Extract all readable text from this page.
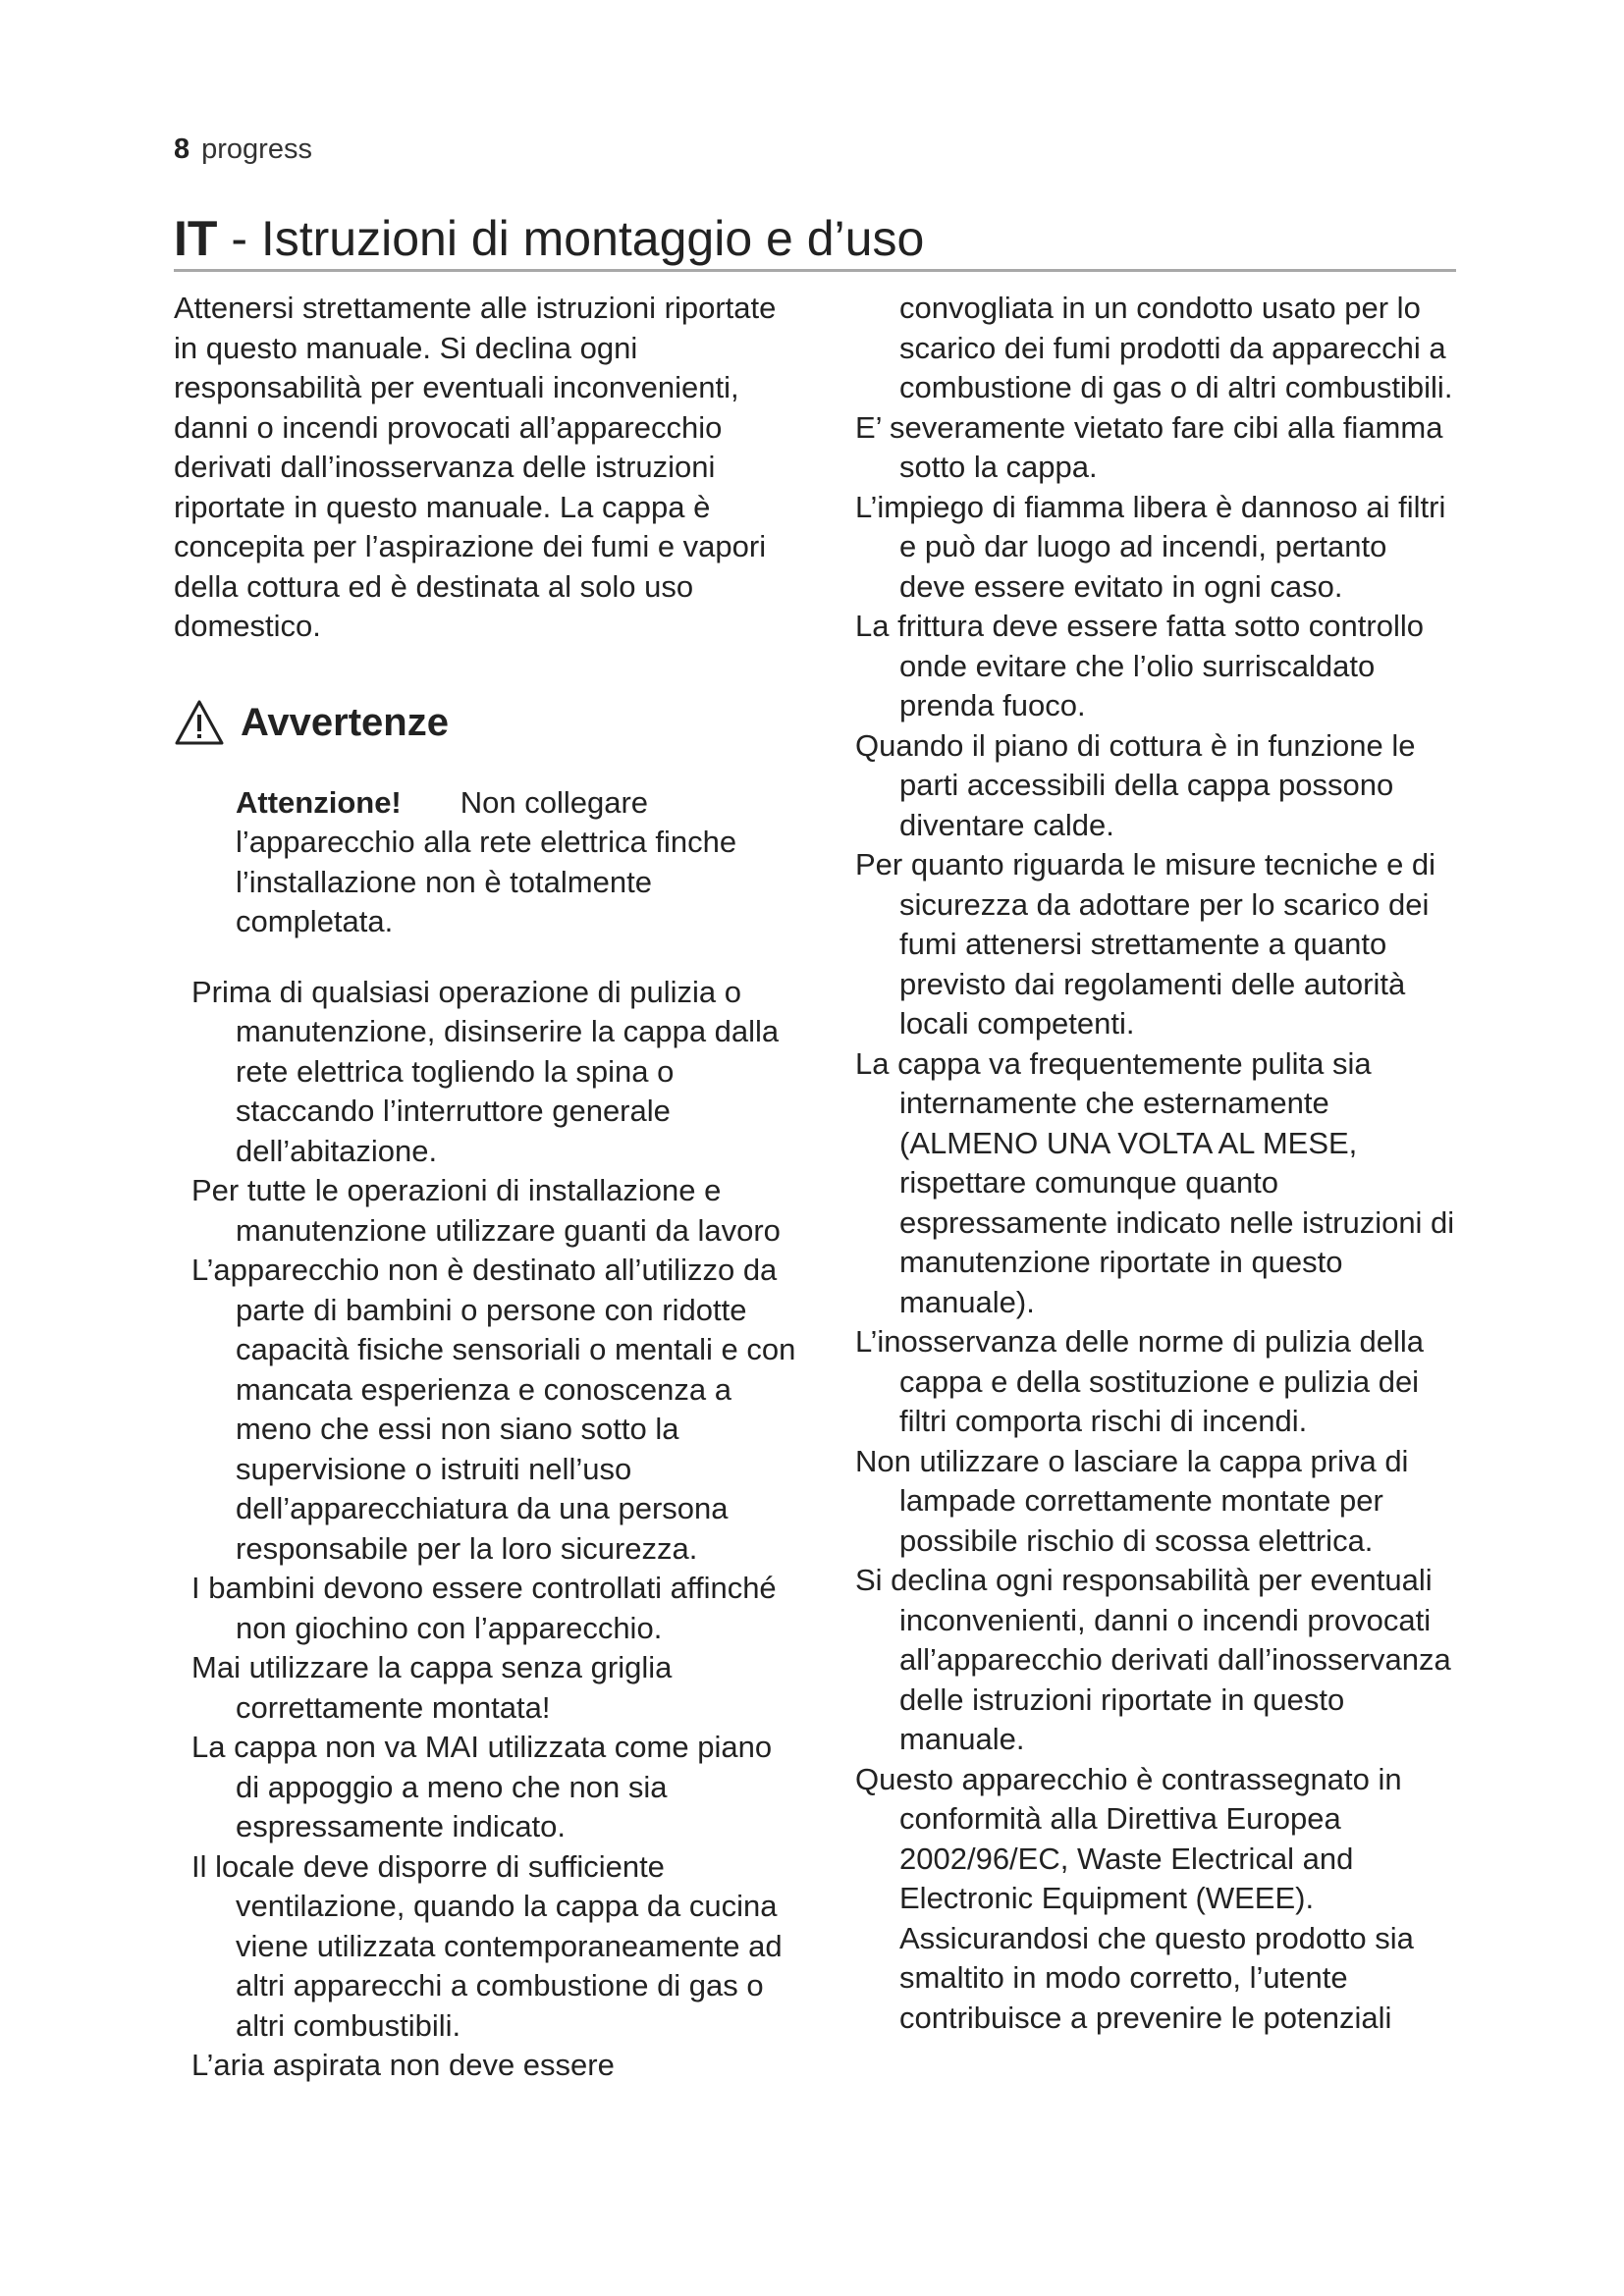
8 progress
IT - Istruzioni di montaggio e d’uso

Attenersi strettamente alle istruzioni riportate in questo manuale. Si declina ogni responsabilità per eventuali inconvenienti, danni o incendi provocati all’apparecchio derivati dall’inosservanza delle istruzioni riportate in questo manuale. La cappa è concepita per l’aspirazione dei fumi e vapori della cottura ed è destinata al solo uso domestico.

Avvertenze

Attenzione! Non collegare l’apparecchio alla rete elettrica finche l’installazione non è totalmente completata.

Prima di qualsiasi operazione di pulizia o manutenzione, disinserire la cappa dalla rete elettrica togliendo la spina o staccando l’interruttore generale dell’abitazione.

Per tutte le operazioni di installazione e manutenzione utilizzare guanti da lavoro

L’apparecchio non è destinato all’utilizzo da parte di bambini o persone con ridotte capacità fisiche sensoriali o mentali e con mancata esperienza e conoscenza a meno che essi non siano sotto la supervisione o istruiti nell’uso dell’apparecchiatura da una persona responsabile per la loro sicurezza.

I bambini devono essere controllati affinché non giochino con l’apparecchio.

Mai utilizzare la cappa senza griglia correttamente montata!

La cappa non va MAI utilizzata come piano di appoggio a meno che non sia espressamente indicato.

Il locale deve disporre di sufficiente ventilazione, quando la cappa da cucina viene utilizzata contemporaneamente ad altri apparecchi a combustione di gas o altri combustibili.

L’aria aspirata non deve essere

convogliata in un condotto usato per lo scarico dei fumi prodotti da apparecchi a combustione di gas o di altri combustibili.

E’ severamente vietato fare cibi alla fiamma sotto la cappa.

L’impiego di fiamma libera è dannoso ai filtri e può dar luogo ad incendi, pertanto deve essere evitato in ogni caso.

La frittura deve essere fatta sotto controllo onde evitare che l’olio surriscaldato prenda fuoco.

Quando il piano di cottura è in funzione le parti accessibili della cappa possono diventare calde.

Per quanto riguarda le misure tecniche e di sicurezza da adottare per lo scarico dei fumi attenersi strettamente a quanto previsto dai regolamenti delle autorità locali competenti.

La cappa va frequentemente pulita sia internamente che esternamente (ALMENO UNA VOLTA AL MESE, rispettare comunque quanto espressamente indicato nelle istruzioni di manutenzione riportate in questo manuale).

L’inosservanza delle norme di pulizia della cappa e della sostituzione e pulizia dei filtri comporta rischi di incendi.

Non utilizzare o lasciare la cappa priva di lampade correttamente montate per possibile rischio di scossa elettrica.

Si declina ogni responsabilità per eventuali inconvenienti, danni o incendi provocati all’apparecchio derivati dall’inosservanza delle istruzioni riportate in questo manuale.

Questo apparecchio è contrassegnato in conformità alla Direttiva Europea 2002/96/EC, Waste Electrical and Electronic Equipment (WEEE). Assicurandosi che questo prodotto sia smaltito in modo corretto, l’utente contribuisce a prevenire le potenziali
